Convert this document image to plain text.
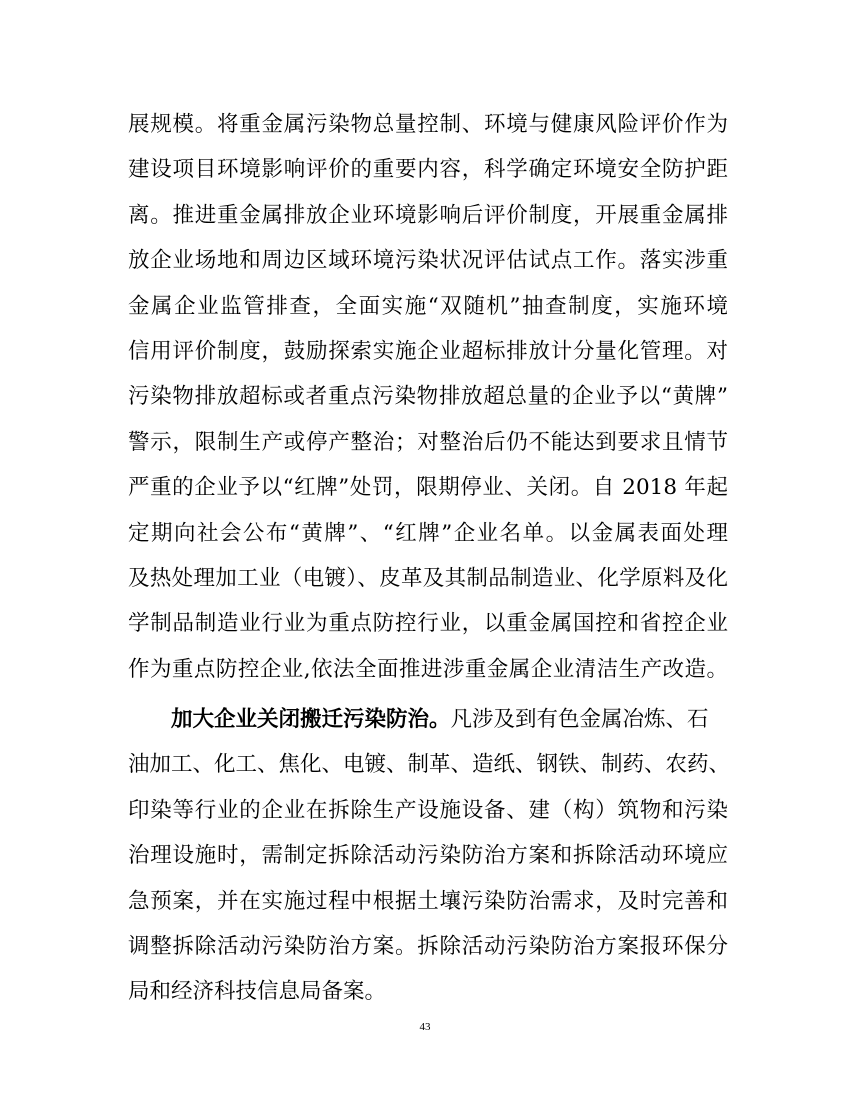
展规模。将重金属污染物总量控制、环境与健康风险评价作为
建设项目环境影响评价的重要内容，科学确定环境安全防护距
离。推进重金属排放企业环境影响后评价制度，开展重金属排
放企业场地和周边区域环境污染状况评估试点工作。落实涉重
金属企业监管排查，全面实施“双随机”抽查制度，实施环境
信用评价制度，鼓励探索实施企业超标排放计分量化管理。对
污染物排放超标或者重点污染物排放超总量的企业予以“黄牌”
警示，限制生产或停产整治；对整治后仍不能达到要求且情节
严重的企业予以“红牌”处罚，限期停业、关闭。自 2018 年起
定期向社会公布“黄牌”、“红牌”企业名单。以金属表面处理
及热处理加工业（电镀）、皮革及其制品制造业、化学原料及化
学制品制造业行业为重点防控行业，以重金属国控和省控企业
作为重点防控企业,依法全面推进涉重金属企业清洁生产改造。
加大企业关闭搬迁污染防治。凡涉及到有色金属冶炼、石
油加工、化工、焦化、电镀、制革、造纸、钢铁、制药、农药、
印染等行业的企业在拆除生产设施设备、建（构）筑物和污染
治理设施时，需制定拆除活动污染防治方案和拆除活动环境应
急预案，并在实施过程中根据土壤污染防治需求，及时完善和
调整拆除活动污染防治方案。拆除活动污染防治方案报环保分
局和经济科技信息局备案。
43
